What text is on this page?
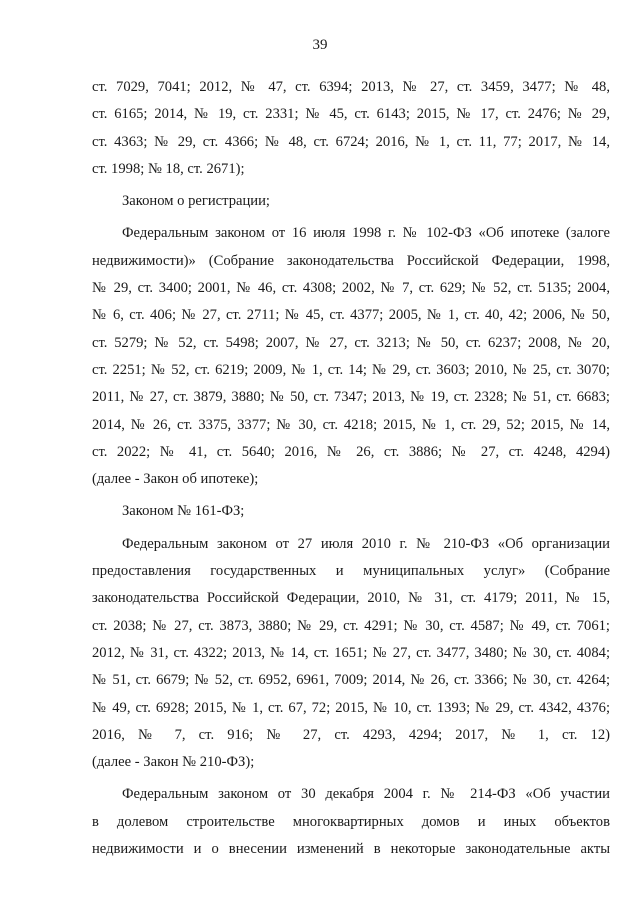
39
ст. 7029, 7041; 2012, № 47, ст. 6394; 2013, № 27, ст. 3459, 3477; № 48,
ст. 6165; 2014, № 19, ст. 2331; № 45, ст. 6143; 2015, № 17, ст. 2476; № 29,
ст. 4363; № 29, ст. 4366; № 48, ст. 6724; 2016, № 1, ст. 11, 77; 2017, № 14,
ст. 1998; № 18, ст. 2671);
Законом о регистрации;
Федеральным законом от 16 июля 1998 г. № 102-ФЗ «Об ипотеке (залоге
недвижимости)» (Собрание законодательства Российской Федерации, 1998,
№ 29, ст. 3400; 2001, № 46, ст. 4308; 2002, № 7, ст. 629; № 52, ст. 5135; 2004,
№ 6, ст. 406; № 27, ст. 2711; № 45, ст. 4377; 2005, № 1, ст. 40, 42; 2006, № 50,
ст. 5279; № 52, ст. 5498; 2007, № 27, ст. 3213; № 50, ст. 6237; 2008, № 20,
ст. 2251; № 52, ст. 6219; 2009, № 1, ст. 14; № 29, ст. 3603; 2010, № 25, ст. 3070;
2011, № 27, ст. 3879, 3880; № 50, ст. 7347; 2013, № 19, ст. 2328; № 51, ст. 6683;
2014, № 26, ст. 3375, 3377; № 30, ст. 4218; 2015, № 1, ст. 29, 52; 2015, № 14,
ст. 2022; № 41, ст. 5640; 2016, № 26, ст. 3886; № 27, ст. 4248, 4294)
(далее - Закон об ипотеке);
Законом № 161-ФЗ;
Федеральным законом от 27 июля 2010 г. № 210-ФЗ «Об организации
предоставления государственных и муниципальных услуг» (Собрание
законодательства Российской Федерации, 2010, № 31, ст. 4179; 2011, № 15,
ст. 2038; № 27, ст. 3873, 3880; № 29, ст. 4291; № 30, ст. 4587; № 49, ст. 7061;
2012, № 31, ст. 4322; 2013, № 14, ст. 1651; № 27, ст. 3477, 3480; № 30, ст. 4084;
№ 51, ст. 6679; № 52, ст. 6952, 6961, 7009; 2014, № 26, ст. 3366; № 30, ст. 4264;
№ 49, ст. 6928; 2015, № 1, ст. 67, 72; 2015, № 10, ст. 1393; № 29, ст. 4342, 4376;
2016, № 7, ст. 916; № 27, ст. 4293, 4294; 2017, № 1, ст. 12)
(далее - Закон № 210-ФЗ);
Федеральным законом от 30 декабря 2004 г. № 214-ФЗ «Об участии
в долевом строительстве многоквартирных домов и иных объектов
недвижимости и о внесении изменений в некоторые законодательные акты
